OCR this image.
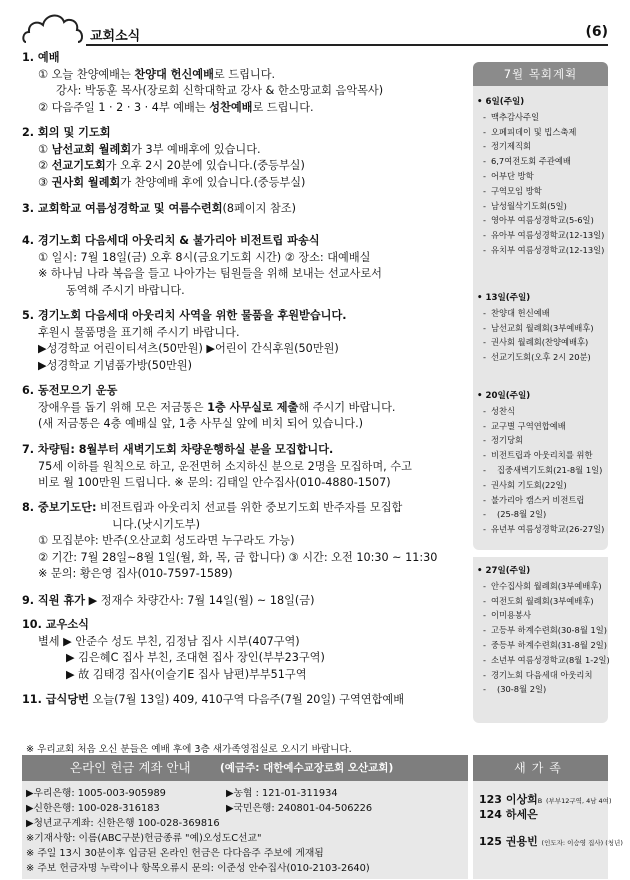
교회소식	(6)
1. 예배
① 오늘 찬양예배는 찬양대 헌신예배로 드립니다.
강사: 박동훈 목사(장로회 신학대학교 강사 & 한소망교회 음악목사)
② 다음주일 1 · 2 · 3 · 4부 예배는 성찬예배로 드립니다.
2. 회의 및 기도회
① 남선교회 월례회가 3부 예배후에 있습니다.
② 선교기도회가 오후 2시 20분에 있습니다.(중등부실)
③ 권사회 월례회가 찬양예배 후에 있습니다.(중등부실)
3. 교회학교 여름성경학교 및 여름수련회(8페이지 참조)
4. 경기노회 다음세대 아웃리치 & 불가리아 비전트립 파송식
① 일시: 7월 18일(금) 오후 8시(금요기도회 시간) ② 장소: 대예배실
※ 하나님 나라 복음을 들고 나아가는 팀원들을 위해 보내는 선교사로서
동역해 주시기 바랍니다.
5. 경기노회 다음세대 아웃리치 사역을 위한 물품을 후원받습니다.
후원시 물품명을 표기해 주시기 바랍니다.
▶성경학교 어린이티셔츠(50만원) ▶어린이 간식후원(50만원)
▶성경학교 기념품가방(50만원)
6. 동전모으기 운동
장애우를 돕기 위해 모은 저금통은 1층 사무실로 제출해 주시기 바랍니다.
(새 저금통은 4층 예배실 앞, 1층 사무실 앞에 비치 되어 있습니다.)
7. 차량팀: 8월부터 새벽기도회 차량운행하실 분을 모집합니다.
75세 이하를 원칙으로 하고, 운전면허 소지하신 분으로 2명을 모집하며, 수고
비로 월 100만원 드립니다. ※ 문의: 김태일 안수집사(010-4880-1507)
8. 중보기도단: 비전트립과 아웃리치 선교를 위한 중보기도회 반주자를 모집합
니다.(낫시기도부)
① 모집분야: 반주(오산교회 성도라면 누구라도 가능)
② 기간: 7월 28일~8월 1일(월, 화, 목, 금 합니다) ③ 시간: 오전 10:30 ~ 11:30
※ 문의: 황은영 집사(010-7597-1589)
9. 직원 휴가 ▶ 정재수 차량간사: 7월 14일(월) ~ 18일(금)
10. 교우소식
별세 ▶ 안준수 성도 부친, 김정남 집사 시부(407구역)
▶ 김은혜C 집사 부친, 조대현 집사 장인(부부23구역)
▶ 故 김태경 집사(이슬기E 집사 남편)부부51구역
11. 급식당번 오늘(7월 13일) 409, 410구역 다음주(7월 20일) 구역연합예배
7월 목회계획
• 6일(주일)
- 맥추감사주일
- 오페피데이 및 빕스축제
- 정기제직회
- 6,7여전도회 주관예배
- 어부단 방학
- 구역모임 방학
- 남성월삭기도회(5일)
- 영아부 여름성경학교(5-6일)
- 유아부 여름성경학교(12-13일)
- 유치부 여름성경학교(12-13일)
• 13일(주일)
- 찬양대 헌신예배
- 남선교회 월례회(3부예배후)
- 권사회 월례회(찬양예배후)
- 선교기도회(오후 2시 20분)
• 20일(주일)
- 성찬식
- 교구별 구역연합예배
- 정기당회
- 비전트립과 아웃리치를 위한
- 집중새벽기도회(21-8월 1일)
- 권사회 기도회(22일)
- 불가리아 캠스커 비전트립
- (25-8월 2일)
- 유년부 여름성경학교(26-27일)
• 27일(주일)
- 안수집사회 월례회(3부예배후)
- 여전도회 월례회(3부예배후)
- 이미용봉사
- 고등부 하계수련회(30-8월 1일)
- 중등부 하계수련회(31-8월 2일)
- 소년부 여름성경학교(8월 1-2일)
- 경기노회 다음세대 아웃리치
- (30-8월 2일)
※ 우리교회 처음 오신 분들은 예배 후에 3층 새가족영접실로 오시기 바랍니다.
온라인 헌금 계좌 안내	(예금주: 대한예수교장로회 오산교회)
▶우리은행: 1005-003-905989	▶농협 : 121-01-311934
▶신한은행: 100-028-316183	▶국민은행: 240801-04-506226
▶청년교구계좌: 신한은행 100-028-369816
※기재사항: 이름(ABC구분)헌금종류 "예)오성도C선교"
※ 주일 13시 30분이후 입금된 온라인 헌금은 다다음주 주보에 게재됨
※ 주보 헌금자명 누락이나 항목오류시 문의: 이준성 안수집사(010-2103-2640)
새가족
123 이상희B (부부12구역, 4남 4여)
124 하세은
125 권용빈 (인도자: 이승영 집사) (청년)
